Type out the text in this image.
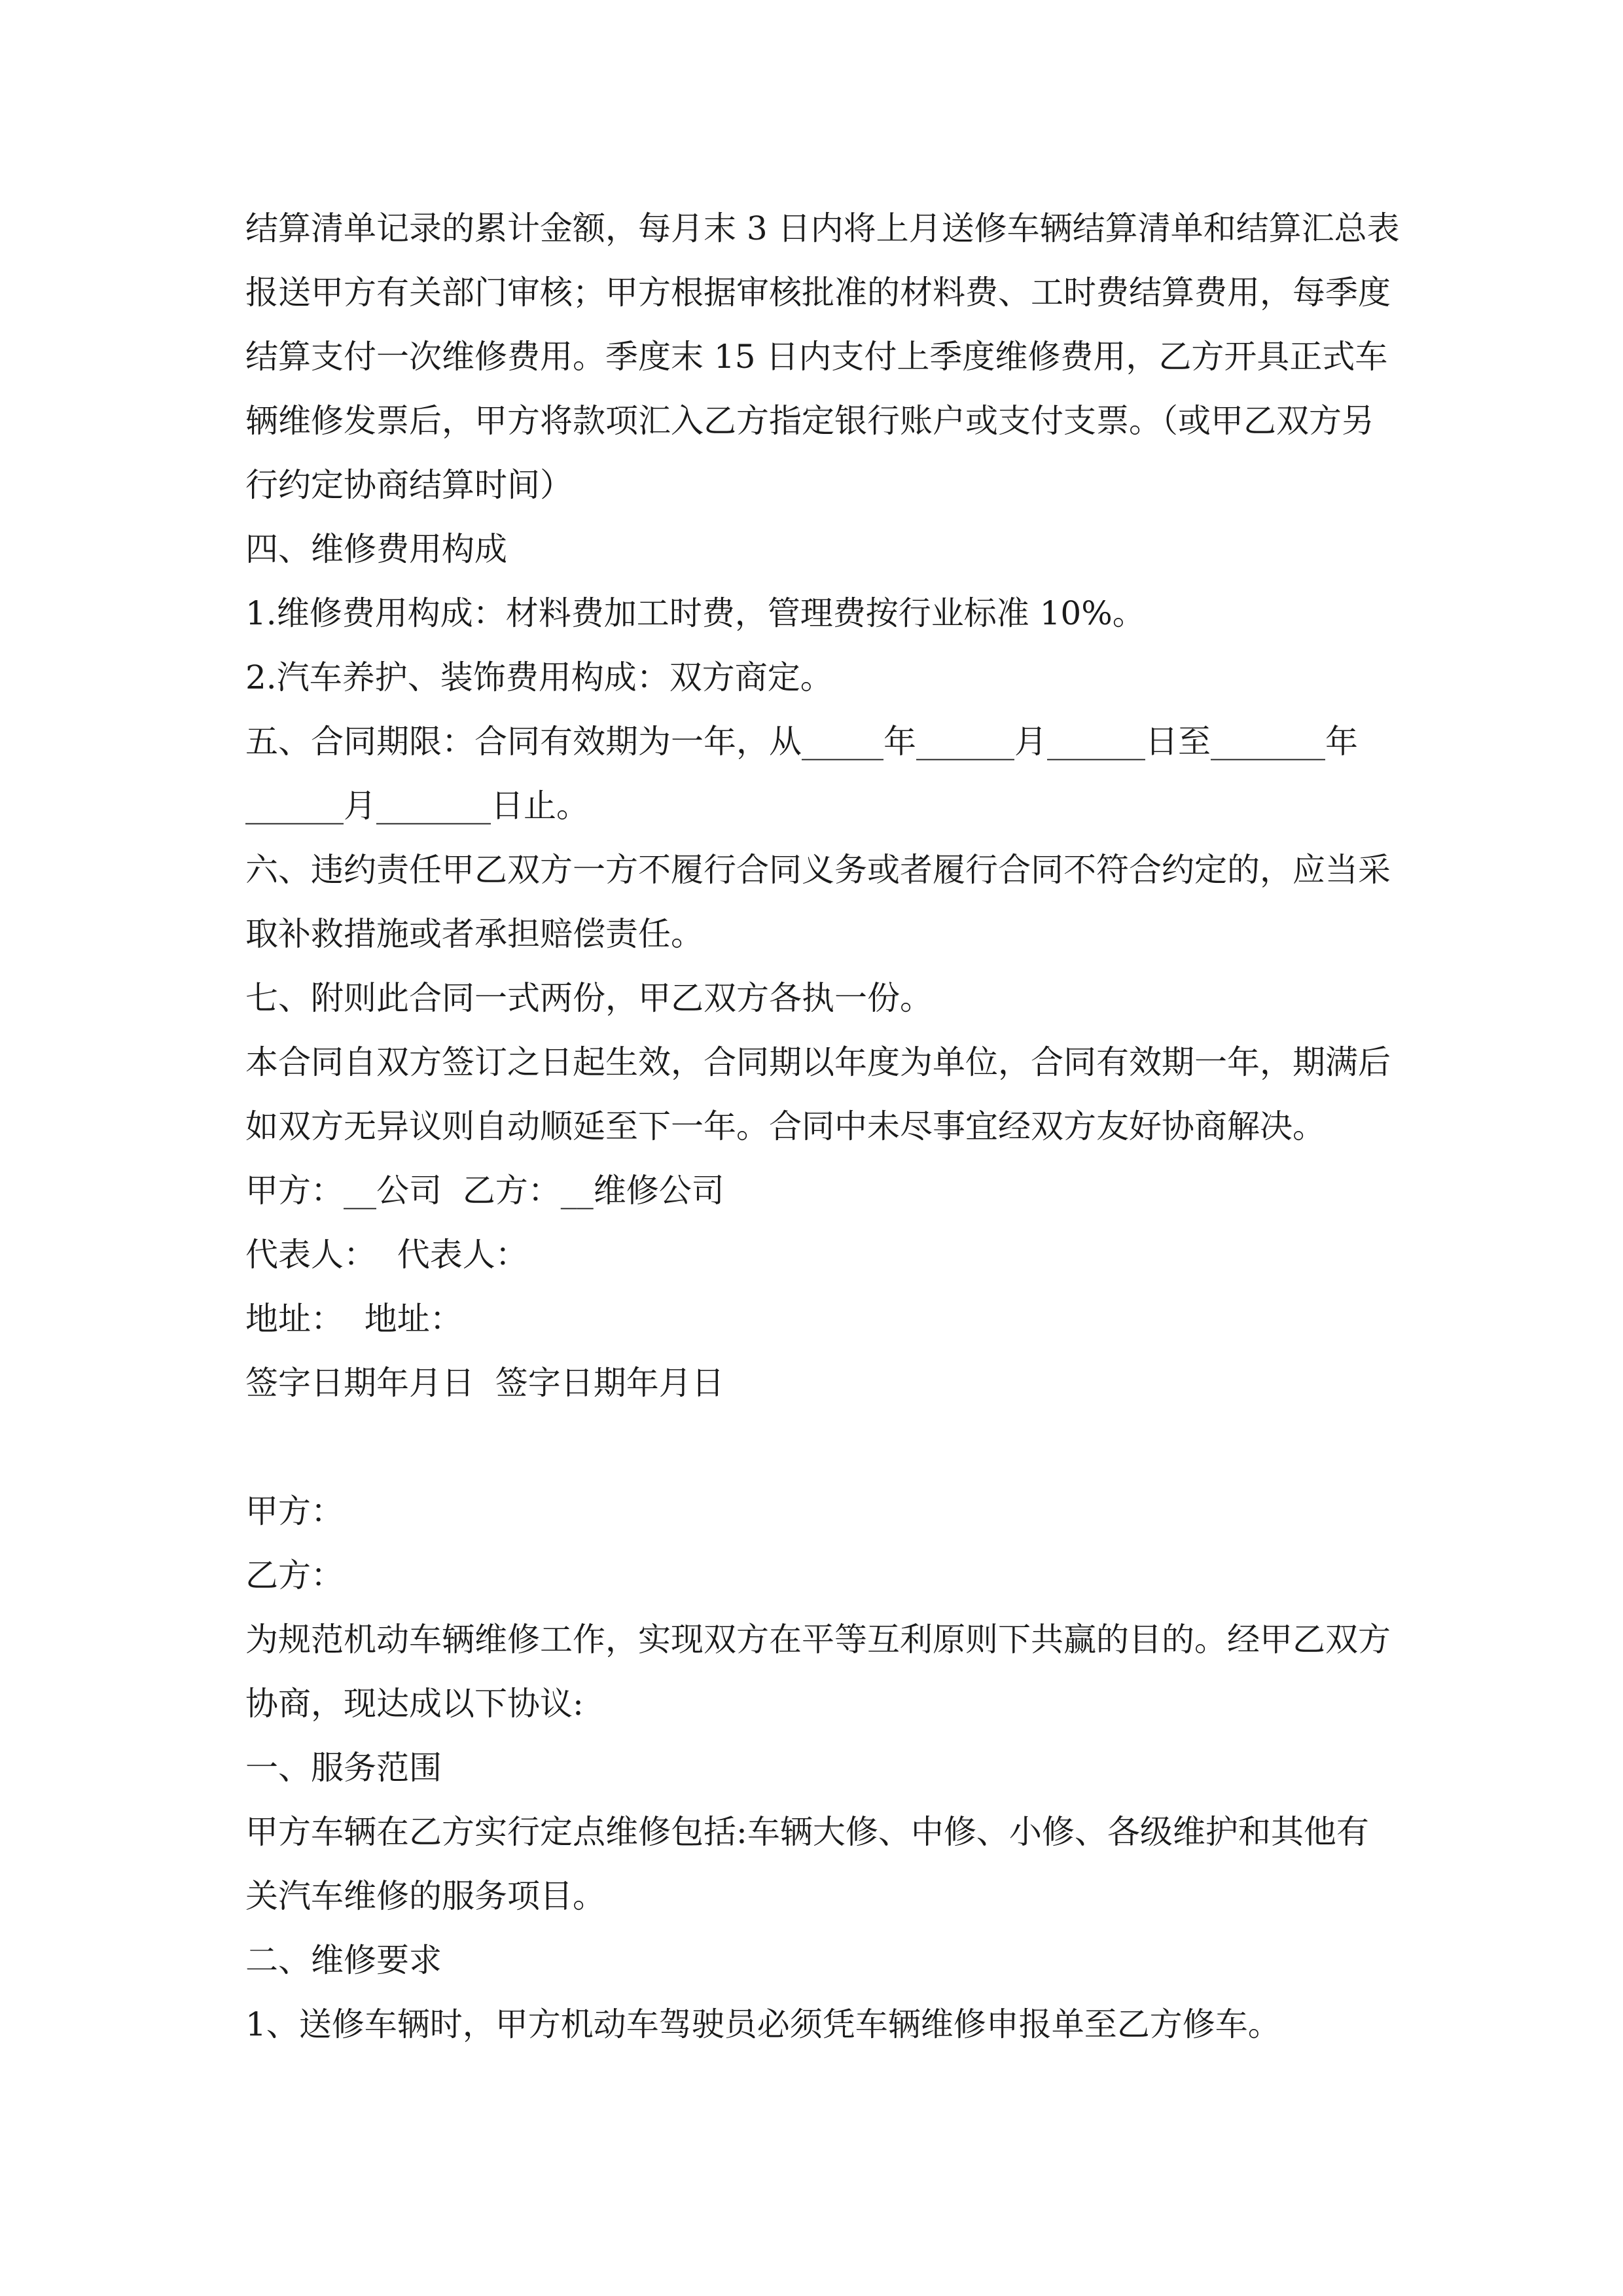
结算清单记录的累计金额，每月末 3 日内将上月送修车辆结算清单和结算汇总表
报送甲方有关部门审核；甲方根据审核批准的材料费、工时费结算费用，每季度
结算支付一次维修费用。季度末 15 日内支付上季度维修费用，乙方开具正式车
辆维修发票后，甲方将款项汇入乙方指定银行账户或支付支票。（或甲乙双方另
行约定协商结算时间）
四、维修费用构成
1.维修费用构成：材料费加工时费，管理费按行业标准 10%。
2.汽车养护、装饰费用构成：双方商定。
五、合同期限：合同有效期为一年，从_____年______月______日至_______年
______月_______日止。
六、违约责任甲乙双方一方不履行合同义务或者履行合同不符合约定的，应当采
取补救措施或者承担赔偿责任。
七、附则此合同一式两份，甲乙双方各执一份。
本合同自双方签订之日起生效，合同期以年度为单位，合同有效期一年，期满后
如双方无异议则自动顺延至下一年。合同中未尽事宜经双方友好协商解决。
甲方：__公司  乙方：__维修公司
代表人：  代表人：
地址：  地址：
签字日期年月日  签字日期年月日
甲方：
乙方：
为规范机动车辆维修工作，实现双方在平等互利原则下共赢的目的。经甲乙双方
协商，现达成以下协议:
一、服务范围
甲方车辆在乙方实行定点维修包括:车辆大修、中修、小修、各级维护和其他有
关汽车维修的服务项目。
二、维修要求
1、送修车辆时，甲方机动车驾驶员必须凭车辆维修申报单至乙方修车。
